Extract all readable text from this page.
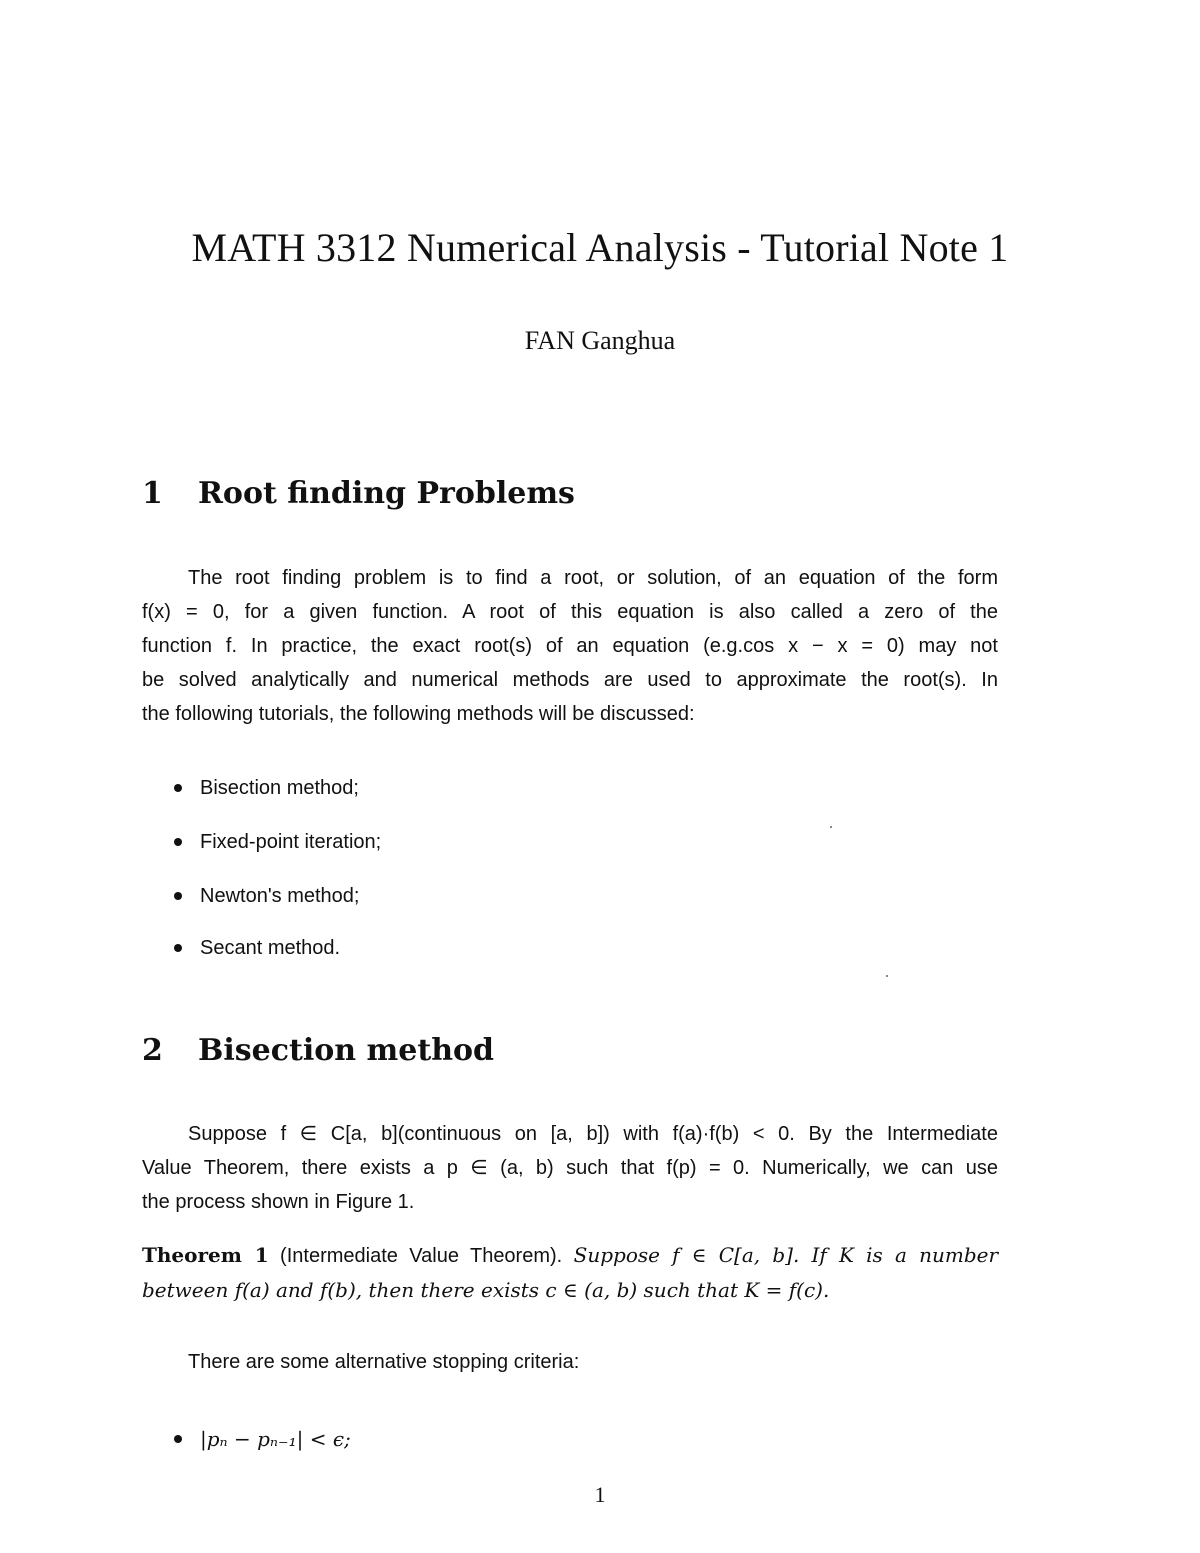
MATH 3312 Numerical Analysis - Tutorial Note 1
FAN Ganghua
1 Root finding Problems
The root finding problem is to find a root, or solution, of an equation of the form
f(x) = 0, for a given function. A root of this equation is also called a zero of the
function f. In practice, the exact root(s) of an equation (e.g.cos x − x = 0) may not
be solved analytically and numerical methods are used to approximate the root(s). In
the following tutorials, the following methods will be discussed:
Bisection method;
Fixed-point iteration;
Newton's method;
Secant method.
2 Bisection method
Suppose f ∈ C[a, b](continuous on [a, b]) with f(a)·f(b) < 0. By the Intermediate
Value Theorem, there exists a p ∈ (a, b) such that f(p) = 0. Numerically, we can use
the process shown in Figure 1.
Theorem 1 (Intermediate Value Theorem). Suppose f ∈ C[a, b]. If K is a number
between f(a) and f(b), then there exists c ∈ (a, b) such that K = f(c).
There are some alternative stopping criteria:
|pₙ − pₙ₋₁| < ϵ;
1
